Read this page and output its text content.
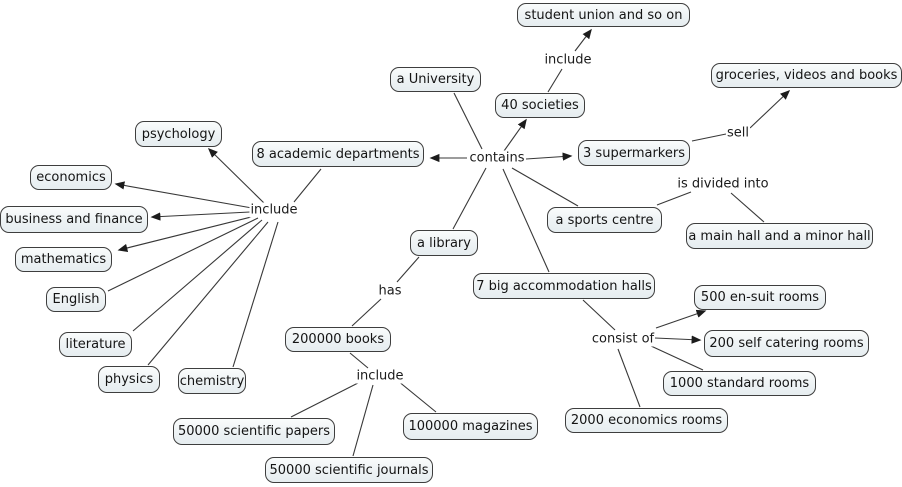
student union and so on
a University
40 societies
groceries, videos and books
3 supermarkers
8 academic departments
psychology
economics
business and finance
mathematics
English
literature
physics	chemistry
a library
200000 books
a sports centre
a main hall and a minor hall
7 big accommodation halls
500 en-suit rooms
200 self catering rooms
1000 standard rooms
2000 economics rooms
50000 scientific papers	100000 magazines
50000 scientific journals
include
contains
sell
is divided into
include
has
include
consist of
